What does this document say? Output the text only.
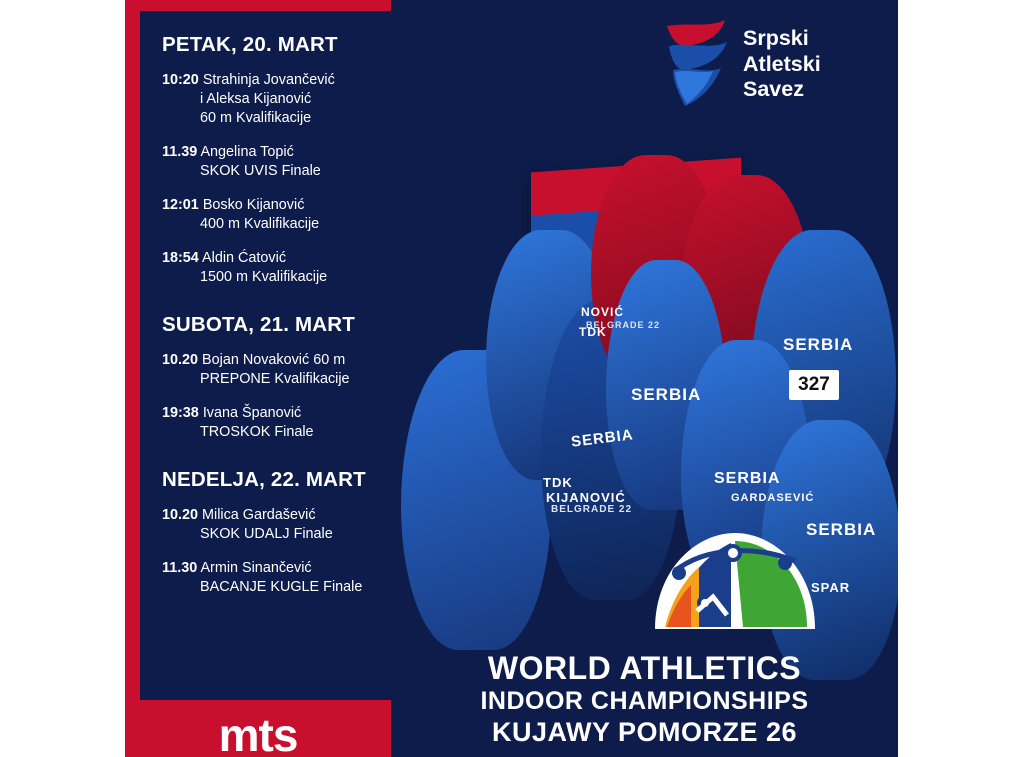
PETAK, 20. MART
10:20 Strahinja Jovančević
i Aleksa Kijanović
60 m Kvalifikacije
11.39 Angelina Topić
SKOK UVIS Finale
12:01 Bosko Kijanović
400 m Kvalifikacije
18:54 Aldin Ćatović
1500 m Kvalifikacije
SUBOTA, 21. MART
10.20 Bojan Novaković 60 m
PREPONE Kvalifikacije
19:38 Ivana Španović
TROSKOK Finale
NEDELJA, 22. MART
10.20 Milica Gardašević
SKOK UDALJ Finale
11.30 Armin Sinančević
BACANJE KUGLE Finale
mts
Srpski
Atletski
Savez
327
SERBIA
SERBIA
SERBIA
SERBIA
SERBIA
TDK
NOVIĆ
BELGRADE 22
TDK
KIJANOVIĆ
BELGRADE 22
GARDASEVIĆ
SPAR
WORLD ATHLETICS
INDOOR CHAMPIONSHIPS
KUJAWY POMORZE 26
